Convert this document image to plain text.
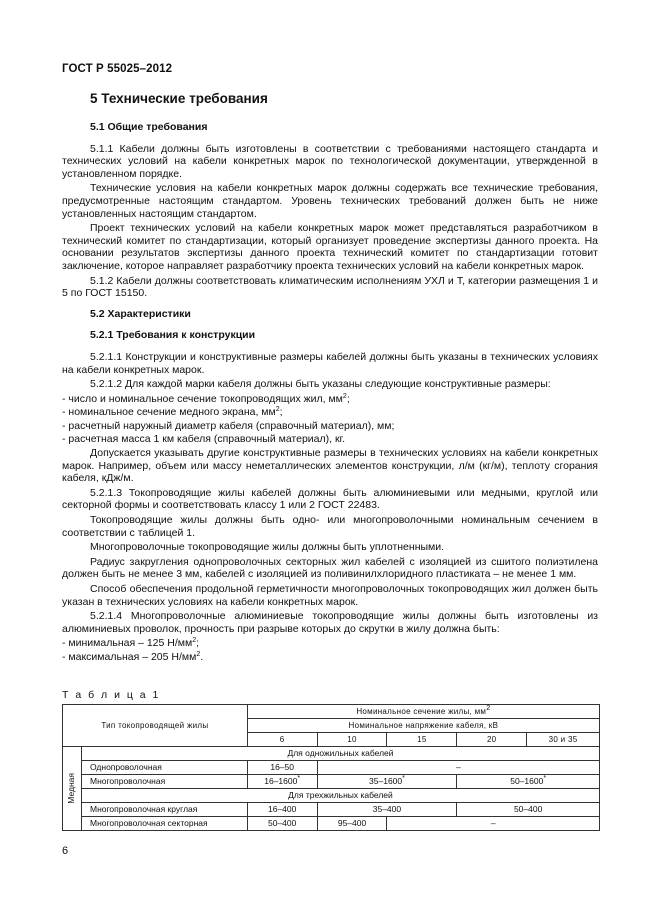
ГОСТ Р 55025–2012
5 Технические требования
5.1 Общие требования
5.1.1 Кабели должны быть изготовлены в соответствии с требованиями настоящего стандарта и технических условий на кабели конкретных марок по технологической документации, утвержденной в установленном порядке.
Технические условия на кабели конкретных марок должны содержать все технические требования, предусмотренные настоящим стандартом. Уровень технических требований должен быть не ниже установленных настоящим стандартом.
Проект технических условий на кабели конкретных марок может представляться разработчиком в технический комитет по стандартизации, который организует проведение экспертизы данного проекта. На основании результатов экспертизы данного проекта технический комитет по стандартизации готовит заключение, которое направляет разработчику проекта технических условий на кабели конкретных марок.
5.1.2 Кабели должны соответствовать климатическим исполнениям УХЛ и Т, категории размещения 1 и 5 по ГОСТ 15150.
5.2 Характеристики
5.2.1 Требования к конструкции
5.2.1.1 Конструкции и конструктивные размеры кабелей должны быть указаны в технических условиях на кабели конкретных марок.
5.2.1.2 Для каждой марки кабеля должны быть указаны следующие конструктивные размеры:
- число и номинальное сечение токопроводящих жил, $мм^2$;
- номинальное сечение медного экрана, $мм^2$;
- расчетный наружный диаметр кабеля (справочный материал), мм;
- расчетная масса 1 км кабеля (справочный материал), кг.
Допускается указывать другие конструктивные размеры в технических условиях на кабели конкретных марок. Например, объем или массу неметаллических элементов конструкции, л/м (кг/м), теплоту сгорания кабеля, кДж/м.
5.2.1.3 Токопроводящие жилы кабелей должны быть алюминиевыми или медными, круглой или секторной формы и соответствовать классу 1 или 2 ГОСТ 22483.
Токопроводящие жилы должны быть одно- или многопроволочными номинальным сечением в соответствии с таблицей 1.
Многопроволочные токопроводящие жилы должны быть уплотненными.
Радиус закругления однопроволочных секторных жил кабелей с изоляцией из сшитого полиэтилена должен быть не менее 3 мм, кабелей с изоляцией из поливинилхлоридного пластиката – не менее 1 мм.
Способ обеспечения продольной герметичности многопроволочных токопроводящих жил должен быть указан в технических условиях на кабели конкретных марок.
5.2.1.4 Многопроволочные алюминиевые токопроводящие жилы должны быть изготовлены из алюминиевых проволок, прочность при разрыве которых до скрутки в жилу должна быть:
- минимальная – 125 $Н/мм^2$;
- максимальная – 205 $Н/мм^2$.
Т а б л и ц а 1
Тип токопроводящей жилы		Номинальное сечение жилы, $мм^2$
		Номинальное напряжение кабеля, кВ				
		6	10	15	20	30 и 35

Медная	Для одножильных кабелей					
	Однопроволочная	16–50	–			
	Многопроволочная	16–1600*	35–1600*		50–1600*
	Для трехжильных кабелей					
	Многопроволочная круглая	16–400	35–400		50–400	
	Многопроволочная секторная	50–400	95–400	–		
6
